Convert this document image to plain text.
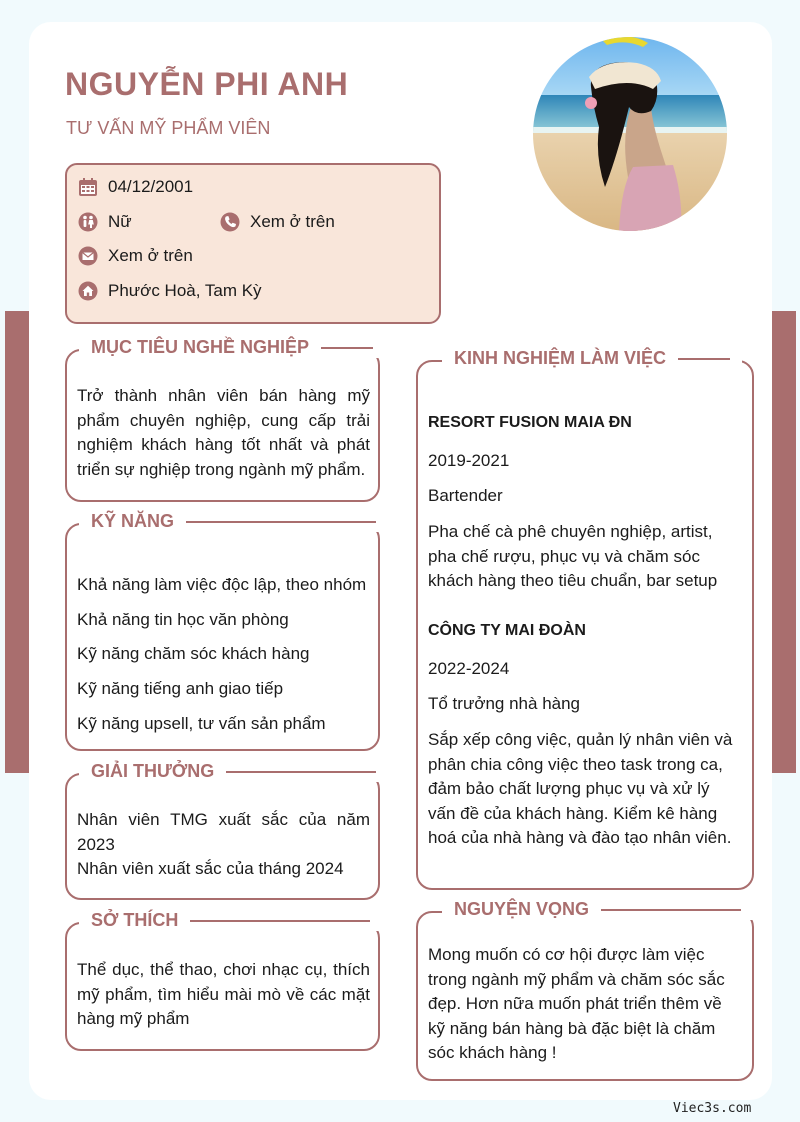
NGUYỄN PHI ANH
TƯ VẤN MỸ PHẨM VIÊN
04/12/2001
Nữ	Xem ở trên
Xem ở trên
Phước Hoà, Tam Kỳ
MỤC TIÊU NGHỀ NGHIỆP
Trở thành nhân viên bán hàng mỹ phẩm chuyên nghiệp, cung cấp trải nghiệm khách hàng tốt nhất và phát triển sự nghiệp trong ngành mỹ phẩm.
KỸ NĂNG
Khả năng làm việc độc lập, theo nhóm
Khả năng tin học văn phòng
Kỹ năng chăm sóc khách hàng
Kỹ năng tiếng anh giao tiếp
Kỹ năng upsell, tư vấn sản phẩm
GIẢI THƯỞNG
Nhân viên TMG xuất sắc của năm 2023
Nhân viên xuất sắc của tháng 2024
SỞ THÍCH
Thể dục, thể thao, chơi nhạc cụ, thích mỹ phẩm, tìm hiểu mài mò về các mặt hàng mỹ phẩm
KINH NGHIỆM LÀM VIỆC
RESORT FUSION MAIA ĐN
2019-2021
Bartender
Pha chế cà phê chuyên nghiệp, artist, pha chế rượu, phục vụ và chăm sóc khách hàng theo tiêu chuẩn, bar setup
CÔNG TY MAI ĐOÀN
2022-2024
Tổ trưởng nhà hàng
Sắp xếp công việc, quản lý nhân viên và phân chia công việc theo task trong ca, đảm bảo chất lượng phục vụ và xử lý vấn đề của khách hàng. Kiểm kê hàng hoá của nhà hàng và đào tạo nhân viên.
NGUYỆN VỌNG
Mong muốn có cơ hội được làm việc trong ngành mỹ phẩm và chăm sóc sắc đẹp. Hơn nữa muốn phát triển thêm về kỹ năng bán hàng bà đặc biệt là chăm sóc khách hàng !
Viec3s.com
